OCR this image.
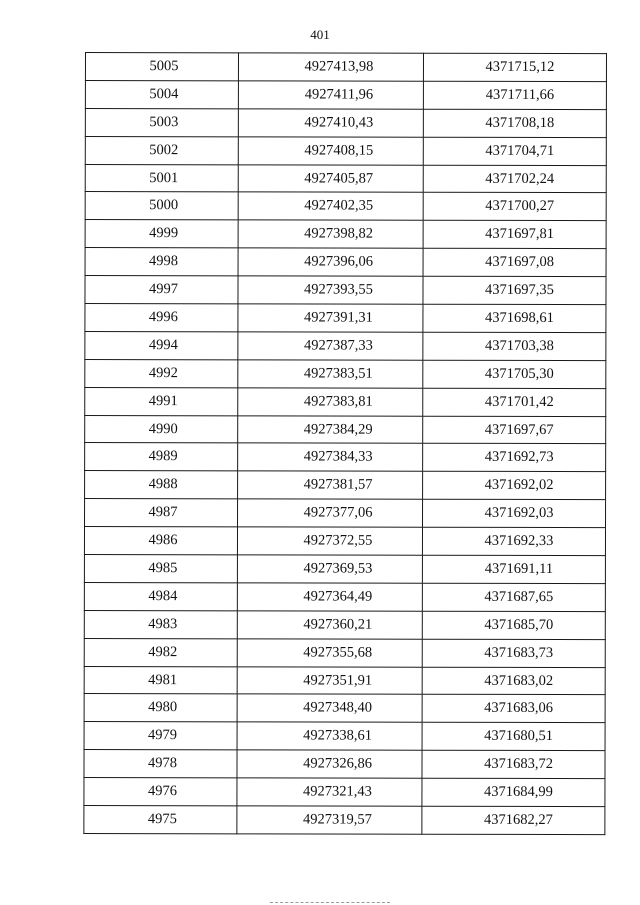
401
5005	4927413,98	4371715,12
5004	4927411,96	4371711,66
5003	4927410,43	4371708,18
5002	4927408,15	4371704,71
5001	4927405,87	4371702,24
5000	4927402,35	4371700,27
4999	4927398,82	4371697,81
4998	4927396,06	4371697,08
4997	4927393,55	4371697,35
4996	4927391,31	4371698,61
4994	4927387,33	4371703,38
4992	4927383,51	4371705,30
4991	4927383,81	4371701,42
4990	4927384,29	4371697,67
4989	4927384,33	4371692,73
4988	4927381,57	4371692,02
4987	4927377,06	4371692,03
4986	4927372,55	4371692,33
4985	4927369,53	4371691,11
4984	4927364,49	4371687,65
4983	4927360,21	4371685,70
4982	4927355,68	4371683,73
4981	4927351,91	4371683,02
4980	4927348,40	4371683,06
4979	4927338,61	4371680,51
4978	4927326,86	4371683,72
4976	4927321,43	4371684,99
4975	4927319,57	4371682,27
